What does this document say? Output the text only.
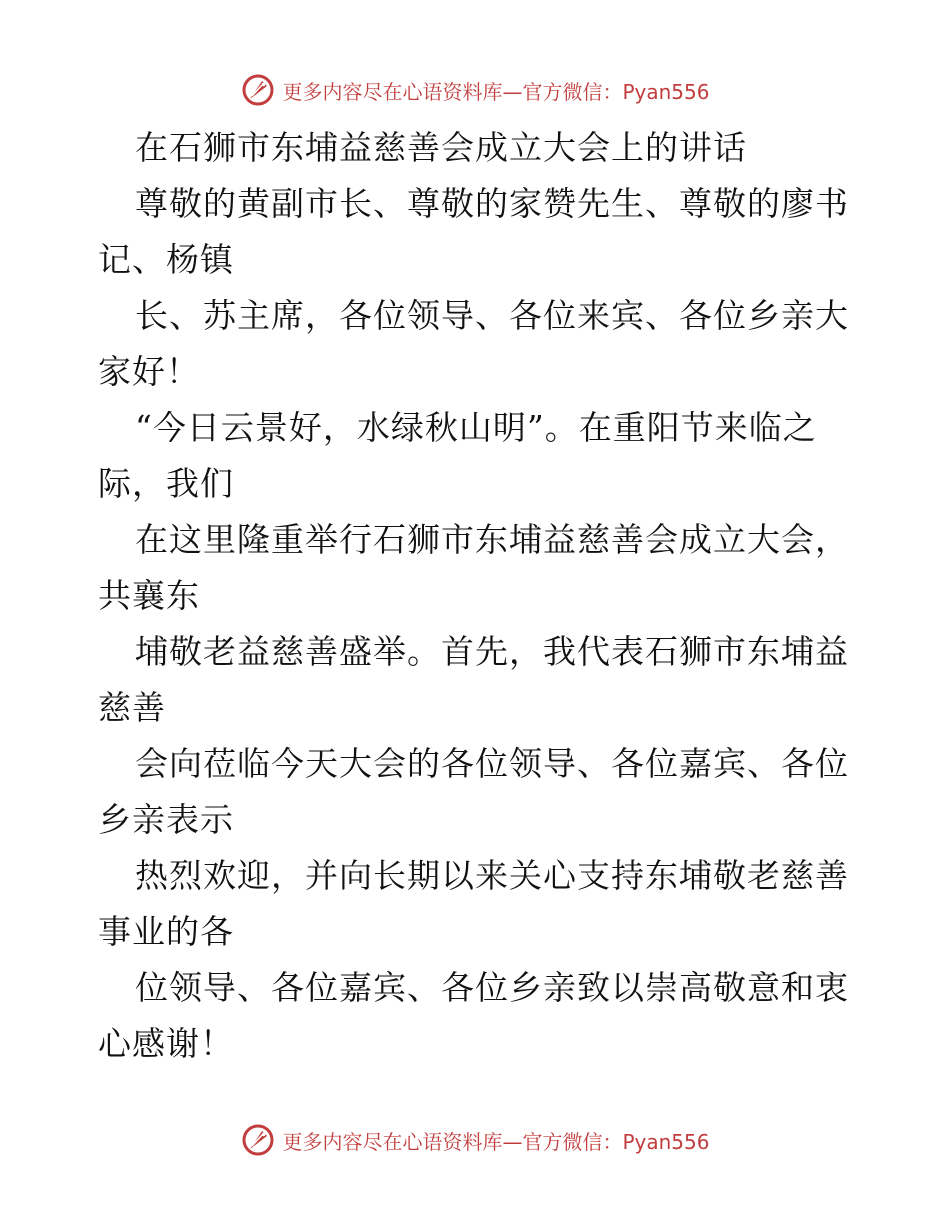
更多内容尽在心语资料库—官方微信：Pyan556
在石狮市东埔益慈善会成立大会上的讲话
尊敬的黄副市长、尊敬的家赞先生、尊敬的廖书
记、杨镇
长、苏主席，各位领导、各位来宾、各位乡亲大
家好！
“今日云景好，水绿秋山明”。在重阳节来临之
际，我们
在这里隆重举行石狮市东埔益慈善会成立大会，
共襄东
埔敬老益慈善盛举。首先，我代表石狮市东埔益
慈善
会向莅临今天大会的各位领导、各位嘉宾、各位
乡亲表示
热烈欢迎，并向长期以来关心支持东埔敬老慈善
事业的各
位领导、各位嘉宾、各位乡亲致以崇高敬意和衷
心感谢！
更多内容尽在心语资料库—官方微信：Pyan556
